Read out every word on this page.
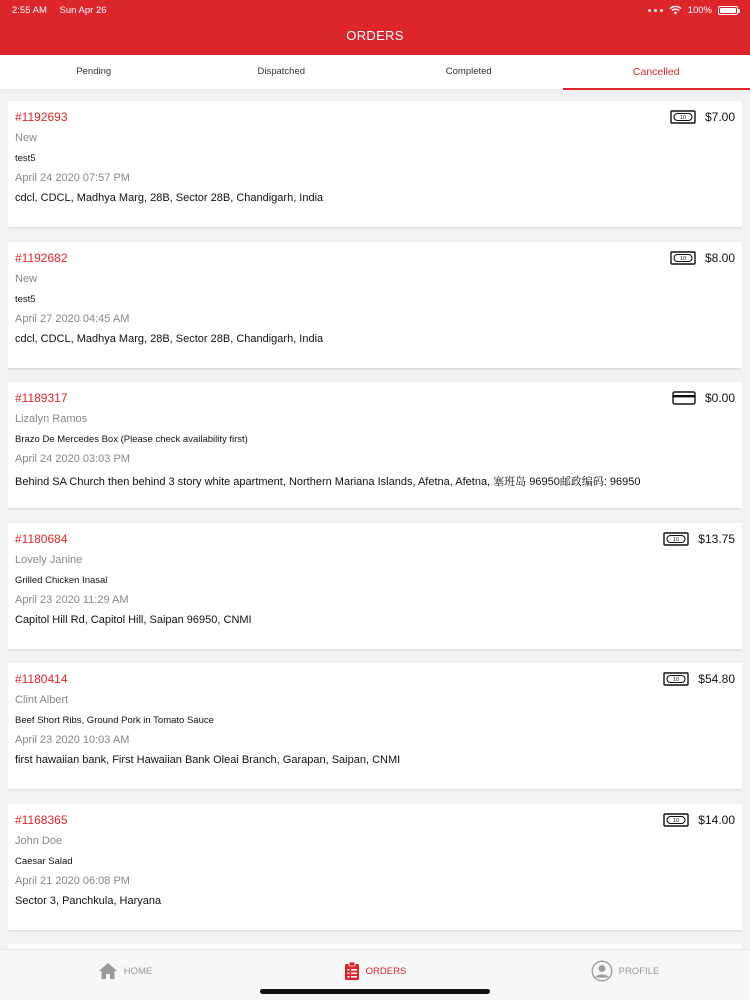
2:55 AM Sun Apr 26	100%
ORDERS
Pending	Dispatched	Completed	Cancelled
#1192693
New
test5
April 24 2020 07:57 PM
cdcl, CDCL, Madhya Marg, 28B, Sector 28B, Chandigarh, India
10 $7.00
#1192682
New
test5
April 27 2020 04:45 AM
cdcl, CDCL, Madhya Marg, 28B, Sector 28B, Chandigarh, India
10 $8.00
#1189317
Lizalyn Ramos
Brazo De Mercedes Box (Please check availability first)
April 24 2020 03:03 PM
Behind SA Church then behind 3 story white apartment, Northern Mariana Islands, Afetna, Afetna, 塞班岛 96950邮政编码: 96950
$0.00
#1180684
Lovely Janine
Grilled Chicken Inasal
April 23 2020 11:29 AM
Capitol Hill Rd, Capitol Hill, Saipan 96950, CNMI
10 $13.75
#1180414
Clint Albert
Beef Short Ribs, Ground Pork in Tomato Sauce
April 23 2020 10:03 AM
first hawaiian bank, First Hawaiian Bank Oleai Branch, Garapan, Saipan, CNMI
10 $54.80
#1168365
John Doe
Caesar Salad
April 21 2020 06:08 PM
Sector 3, Panchkula, Haryana
10 $14.00
HOME	ORDERS	PROFILE
